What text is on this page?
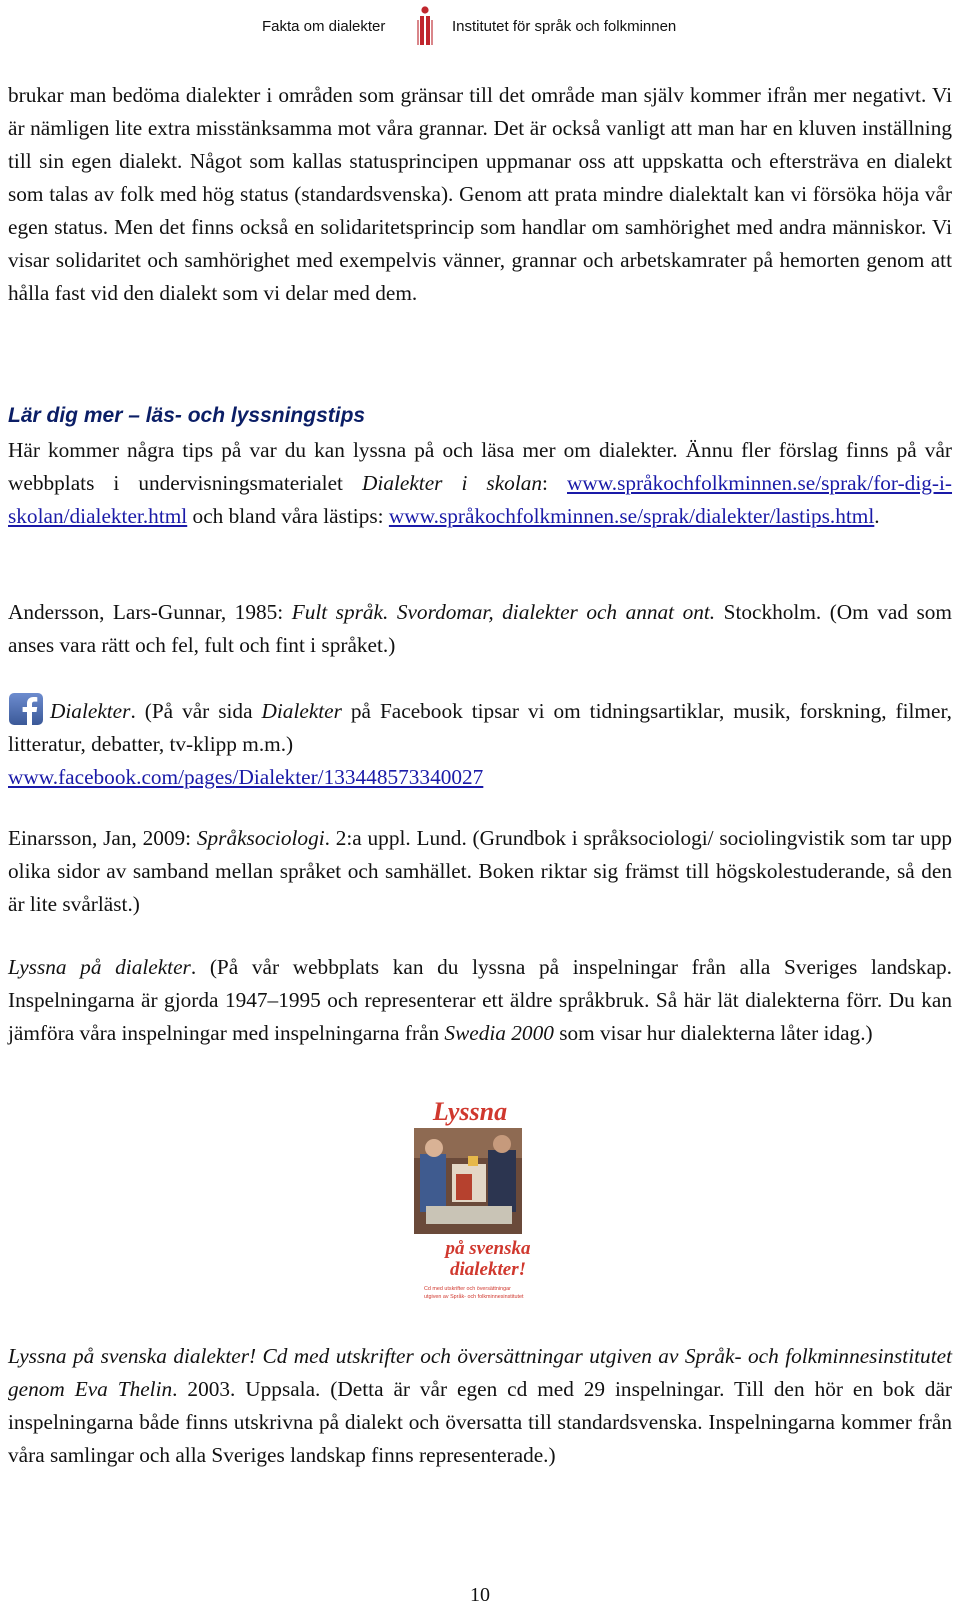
Fakta om dialekter	Institutet för språk och folkminnen

brukar man bedöma dialekter i områden som gränsar till det område man själv kommer ifrån mer negativt. Vi är nämligen lite extra misstänksamma mot våra grannar. Det är också vanligt att man har en kluven inställning till sin egen dialekt. Något som kallas statusprincipen uppmanar oss att uppskatta och eftersträva en dialekt som talas av folk med hög status (standardsvenska). Genom att prata mindre dialektalt kan vi försöka höja vår egen status. Men det finns också en solidaritetsprincip som handlar om samhörighet med andra människor. Vi visar solidaritet och samhörighet med exempelvis vänner, grannar och arbetskamrater på hemorten genom att hålla fast vid den dialekt som vi delar med dem.

Lär dig mer – läs- och lyssningstips

Här kommer några tips på var du kan lyssna på och läsa mer om dialekter. Ännu fler förslag finns på vår webbplats i undervisningsmaterialet Dialekter i skolan: www.språkochfolkminnen.se/sprak/for-dig-i-skolan/dialekter.html och bland våra lästips: www.språkochfolkminnen.se/sprak/dialekter/lastips.html.

Andersson, Lars-Gunnar, 1985: Fult språk. Svordomar, dialekter och annat ont. Stockholm. (Om vad som anses vara rätt och fel, fult och fint i språket.)

Dialekter. (På vår sida Dialekter på Facebook tipsar vi om tidningsartiklar, musik, forskning, filmer, litteratur, debatter, tv-klipp m.m.)
www.facebook.com/pages/Dialekter/133448573340027

Einarsson, Jan, 2009: Språksociologi. 2:a uppl. Lund. (Grundbok i språksociologi/ sociolingvistik som tar upp olika sidor av samband mellan språket och samhället. Boken riktar sig främst till högskolestuderande, så den är lite svårläst.)

Lyssna på dialekter. (På vår webbplats kan du lyssna på inspelningar från alla Sveriges landskap. Inspelningarna är gjorda 1947–1995 och representerar ett äldre språkbruk. Så här lät dialekterna förr. Du kan jämföra våra inspelningar med inspelningarna från Swedia 2000 som visar hur dialekterna låter idag.)

Lyssna
på svenska
dialekter!
Cd med utskrifter och översättningar
utgiven av Språk- och folkminnesinstitutet

Lyssna på svenska dialekter! Cd med utskrifter och översättningar utgiven av Språk- och folkminnesinstitutet genom Eva Thelin. 2003. Uppsala. (Detta är vår egen cd med 29 inspelningar. Till den hör en bok där inspelningarna både finns utskrivna på dialekt och översatta till standardsvenska. Inspelningarna kommer från våra samlingar och alla Sveriges landskap finns representerade.)

10
